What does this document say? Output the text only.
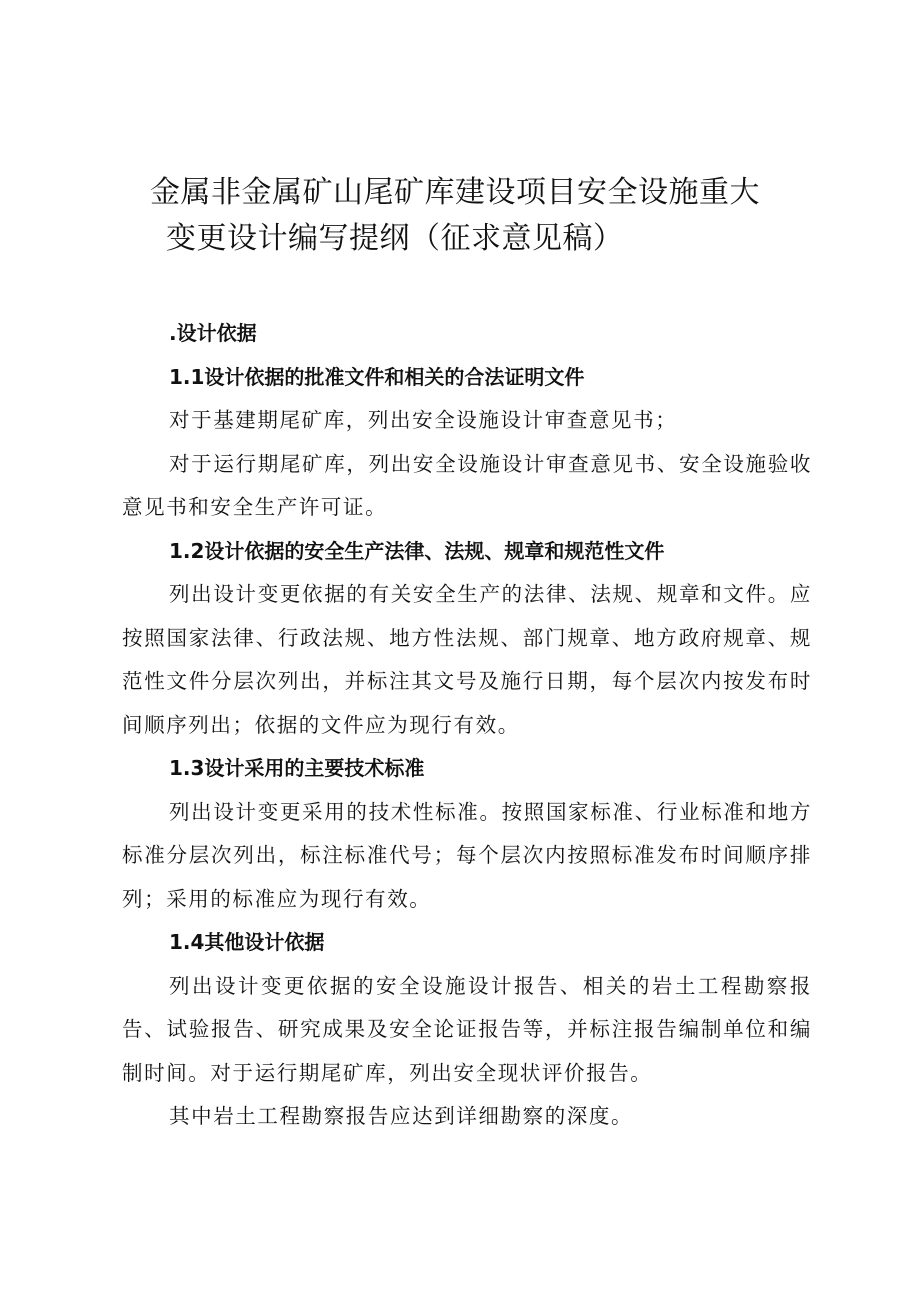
金属非金属矿山尾矿库建设项目安全设施重大
变更设计编写提纲（征求意见稿）

.设计依据

1.1设计依据的批准文件和相关的合法证明文件

对于基建期尾矿库，列出安全设施设计审查意见书；

对于运行期尾矿库，列出安全设施设计审查意见书、安全设施验收意见书和安全生产许可证。

1.2设计依据的安全生产法律、法规、规章和规范性文件

列出设计变更依据的有关安全生产的法律、法规、规章和文件。应按照国家法律、行政法规、地方性法规、部门规章、地方政府规章、规范性文件分层次列出，并标注其文号及施行日期，每个层次内按发布时间顺序列出；依据的文件应为现行有效。

1.3设计采用的主要技术标准

列出设计变更采用的技术性标准。按照国家标准、行业标准和地方标准分层次列出，标注标准代号；每个层次内按照标准发布时间顺序排列；采用的标准应为现行有效。

1.4其他设计依据

列出设计变更依据的安全设施设计报告、相关的岩土工程勘察报告、试验报告、研究成果及安全论证报告等，并标注报告编制单位和编制时间。对于运行期尾矿库，列出安全现状评价报告。

其中岩土工程勘察报告应达到详细勘察的深度。
